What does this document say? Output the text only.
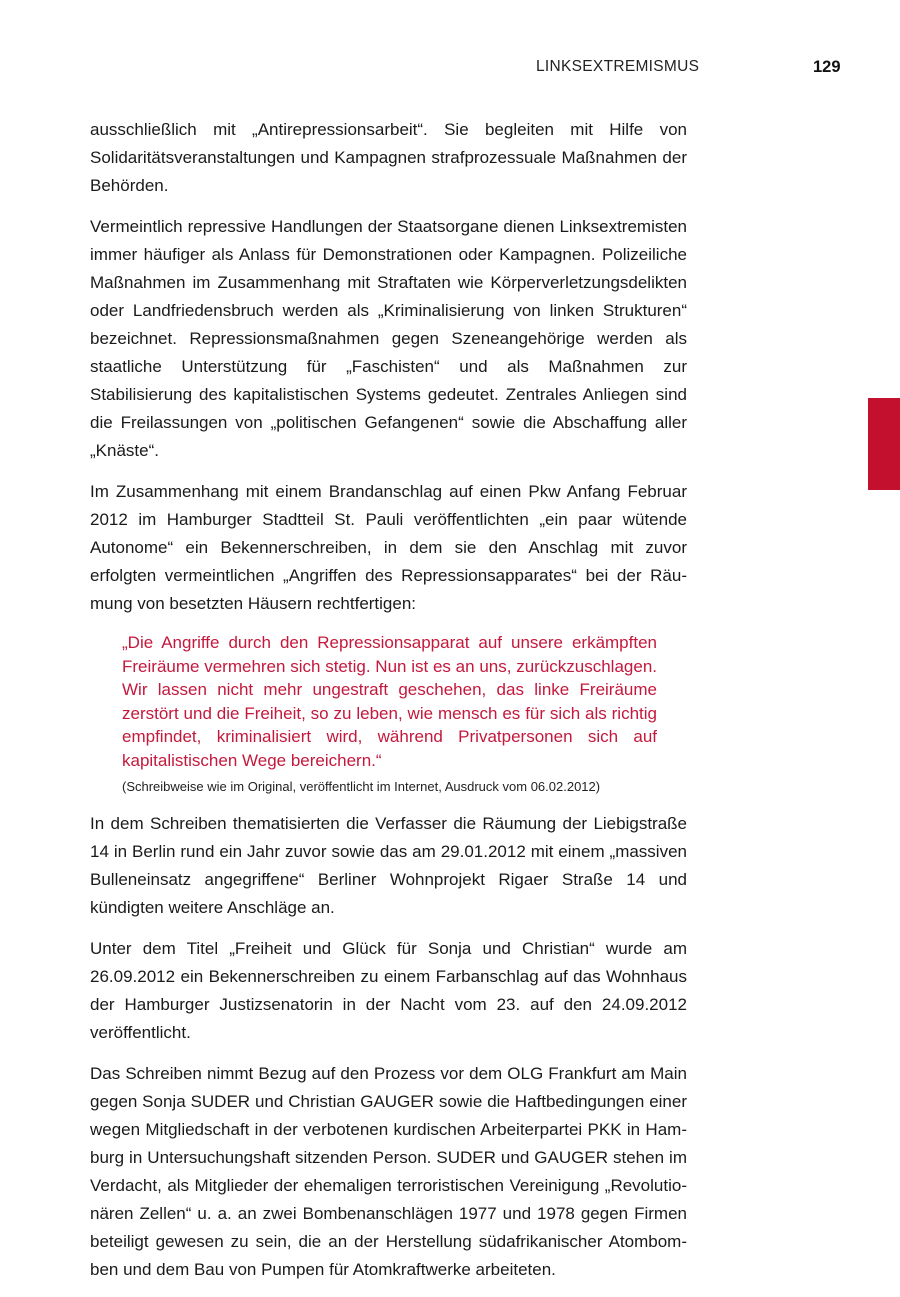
LINKSEXTREMISMUS	129

ausschließlich mit „Antirepressionsarbeit“. Sie begleiten mit Hilfe von Solidaritätsveranstaltungen und Kampagnen strafprozessuale Maßnahmen der Behörden.

Vermeintlich repressive Handlungen der Staatsorgane dienen Linksextremisten immer häufiger als Anlass für Demonstrationen oder Kampagnen. Polizeiliche Maßnahmen im Zusammenhang mit Straftaten wie Körperverletzungsdelikten oder Landfriedensbruch werden als „Kriminalisierung von linken Strukturen“ bezeichnet. Repressionsmaßnahmen gegen Szeneangehörige werden als staatliche Unterstützung für „Faschisten“ und als Maßnahmen zur Stabilisierung des kapitalistischen Systems gedeutet. Zentrales Anliegen sind die Freilassungen von „politischen Gefangenen“ sowie die Abschaffung aller „Knäste“.

Im Zusammenhang mit einem Brandanschlag auf einen Pkw Anfang Februar 2012 im Hamburger Stadtteil St. Pauli veröffentlichten „ein paar wütende Autonome“ ein Bekennerschreiben, in dem sie den Anschlag mit zuvor erfolgten vermeintlichen „Angriffen des Repressionsapparates“ bei der Räumung von besetzten Häusern rechtfertigen:

„Die Angriffe durch den Repressionsapparat auf unsere erkämpften Freiräume vermehren sich stetig. Nun ist es an uns, zurückzuschlagen. Wir lassen nicht mehr ungestraft geschehen, das linke Freiräume zerstört und die Freiheit, so zu leben, wie mensch es für sich als richtig empfindet, kriminalisiert wird, während Privatpersonen sich auf kapitalistischen Wege bereichern.“

(Schreibweise wie im Original, veröffentlicht im Internet, Ausdruck vom 06.02.2012)

In dem Schreiben thematisierten die Verfasser die Räumung der Liebigstraße 14 in Berlin rund ein Jahr zuvor sowie das am 29.01.2012 mit einem „massiven Bulleneinsatz angegriffene“ Berliner Wohnprojekt Rigaer Straße 14 und kündigten weitere Anschläge an.

Unter dem Titel „Freiheit und Glück für Sonja und Christian“ wurde am 26.09.2012 ein Bekennerschreiben zu einem Farbanschlag auf das Wohnhaus der Hamburger Justizsenatorin in der Nacht vom 23. auf den 24.09.2012 veröffentlicht.

Das Schreiben nimmt Bezug auf den Prozess vor dem OLG Frankfurt am Main gegen Sonja SUDER und Christian GAUGER sowie die Haftbedingungen einer wegen Mitgliedschaft in der verbotenen kurdischen Arbeiterpartei PKK in Hamburg in Untersuchungshaft sitzenden Person. SUDER und GAUGER stehen im Verdacht, als Mitglieder der ehemaligen terroristischen Vereinigung „Revolutionären Zellen“ u. a. an zwei Bombenanschlägen 1977 und 1978 gegen Firmen beteiligt gewesen zu sein, die an der Herstellung südafrikanischer Atombomben und dem Bau von Pumpen für Atomkraftwerke arbeiteten.
